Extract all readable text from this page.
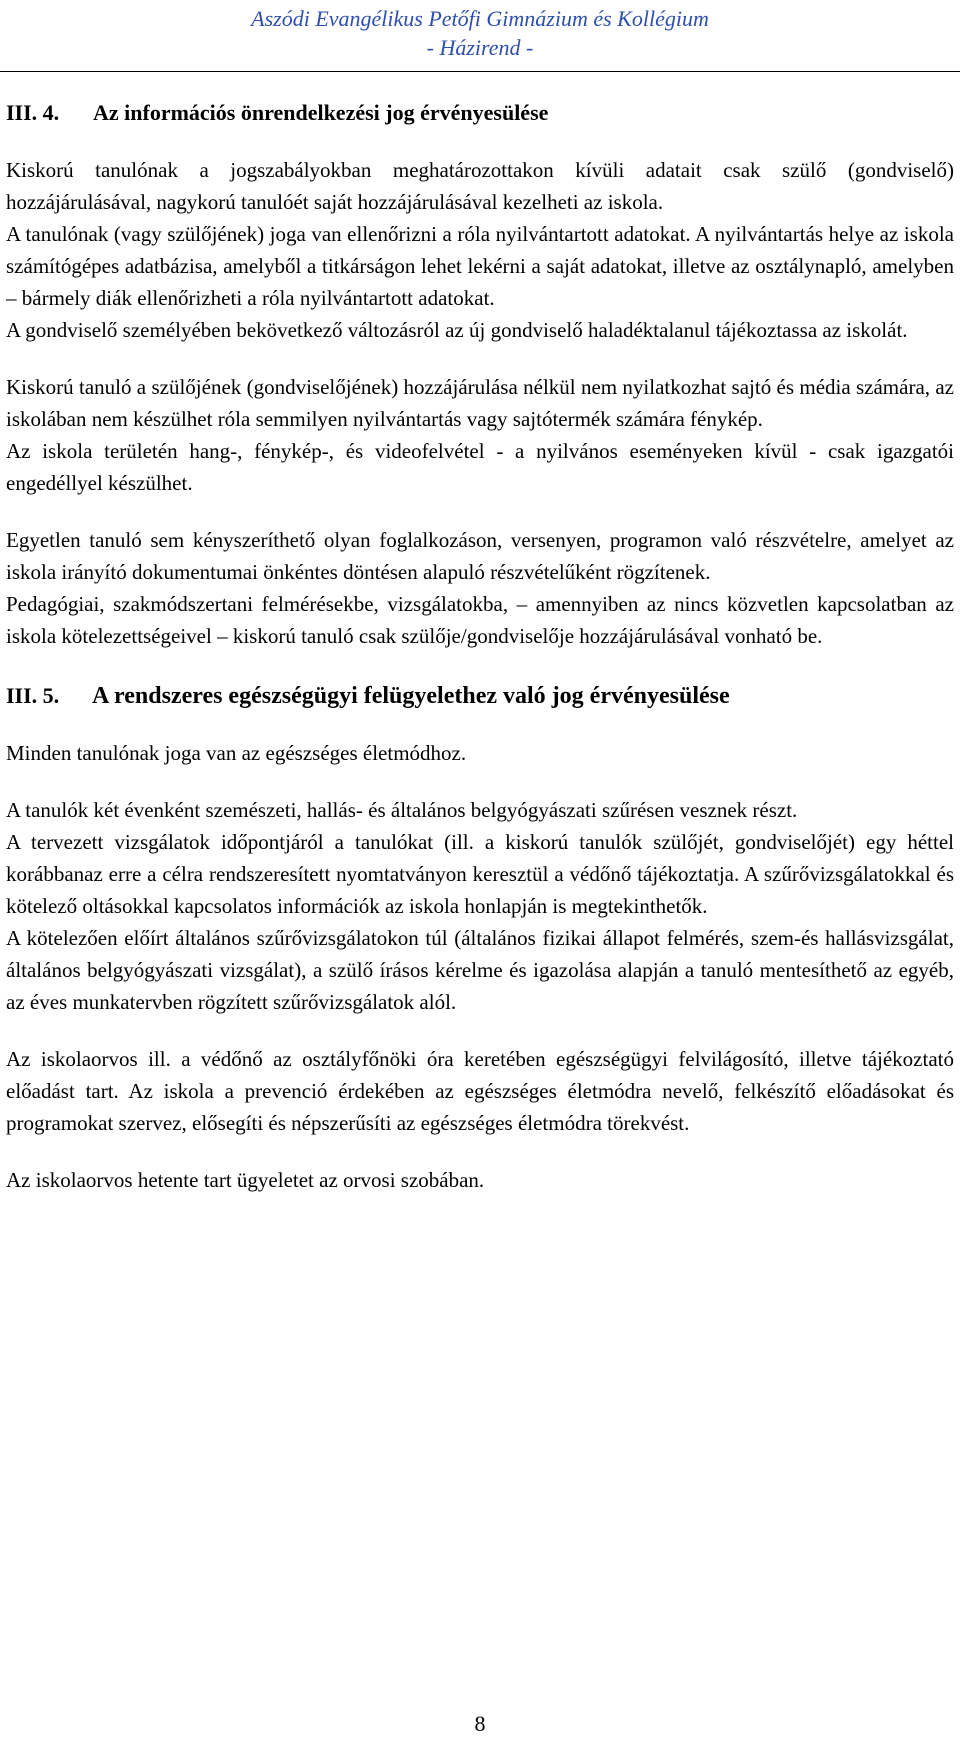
Aszódi Evangélikus Petőfi Gimnázium és Kollégium
- Házirend -
III. 4. Az információs önrendelkezési jog érvényesülése

Kiskorú tanulónak a jogszabályokban meghatározottakon kívüli adatait csak szülő (gondviselő) hozzájárulásával, nagykorú tanulóét saját hozzájárulásával kezelheti az iskola.

A tanulónak (vagy szülőjének) joga van ellenőrizni a róla nyilvántartott adatokat. A nyilvántartás helye az iskola számítógépes adatbázisa, amelyből a titkárságon lehet lekérni a saját adatokat, illetve az osztálynapló, amelyben – bármely diák ellenőrizheti a róla nyilvántartott adatokat.

A gondviselő személyében bekövetkező változásról az új gondviselő haladéktalanul tájékoztassa az iskolát.

Kiskorú tanuló a szülőjének (gondviselőjének) hozzájárulása nélkül nem nyilatkozhat sajtó és média számára, az iskolában nem készülhet róla semmilyen nyilvántartás vagy sajtótermék számára fénykép.

Az iskola területén hang-, fénykép-, és videofelvétel - a nyilvános eseményeken kívül - csak igazgatói engedéllyel készülhet.

Egyetlen tanuló sem kényszeríthető olyan foglalkozáson, versenyen, programon való részvételre, amelyet az iskola irányító dokumentumai önkéntes döntésen alapuló részvételűként rögzítenek.

Pedagógiai, szakmódszertani felmérésekbe, vizsgálatokba, – amennyiben az nincs közvetlen kapcsolatban az iskola kötelezettségeivel – kiskorú tanuló csak szülője/gondviselője hozzájárulásával vonható be.

III. 5. A rendszeres egészségügyi felügyelethez való jog érvényesülése

Minden tanulónak joga van az egészséges életmódhoz.

A tanulók két évenként szemészeti, hallás- és általános belgyógyászati szűrésen vesznek részt.

A tervezett vizsgálatok időpontjáról a tanulókat (ill. a kiskorú tanulók szülőjét, gondviselőjét) egy héttel korábbanaz erre a célra rendszeresített nyomtatványon keresztül a védőnő tájékoztatja. A szűrővizsgálatokkal és kötelező oltásokkal kapcsolatos információk az iskola honlapján is megtekinthetők.

A kötelezően előírt általános szűrővizsgálatokon túl (általános fizikai állapot felmérés, szem-és hallásvizsgálat, általános belgyógyászati vizsgálat), a szülő írásos kérelme és igazolása alapján a tanuló mentesíthető az egyéb, az éves munkatervben rögzített szűrővizsgálatok alól.

Az iskolaorvos ill. a védőnő az osztályfőnöki óra keretében egészségügyi felvilágosító, illetve tájékoztató előadást tart. Az iskola a prevenció érdekében az egészséges életmódra nevelő, felkészítő előadásokat és programokat szervez, elősegíti és népszerűsíti az egészséges életmódra törekvést.

Az iskolaorvos hetente tart ügyeletet az orvosi szobában.

8
